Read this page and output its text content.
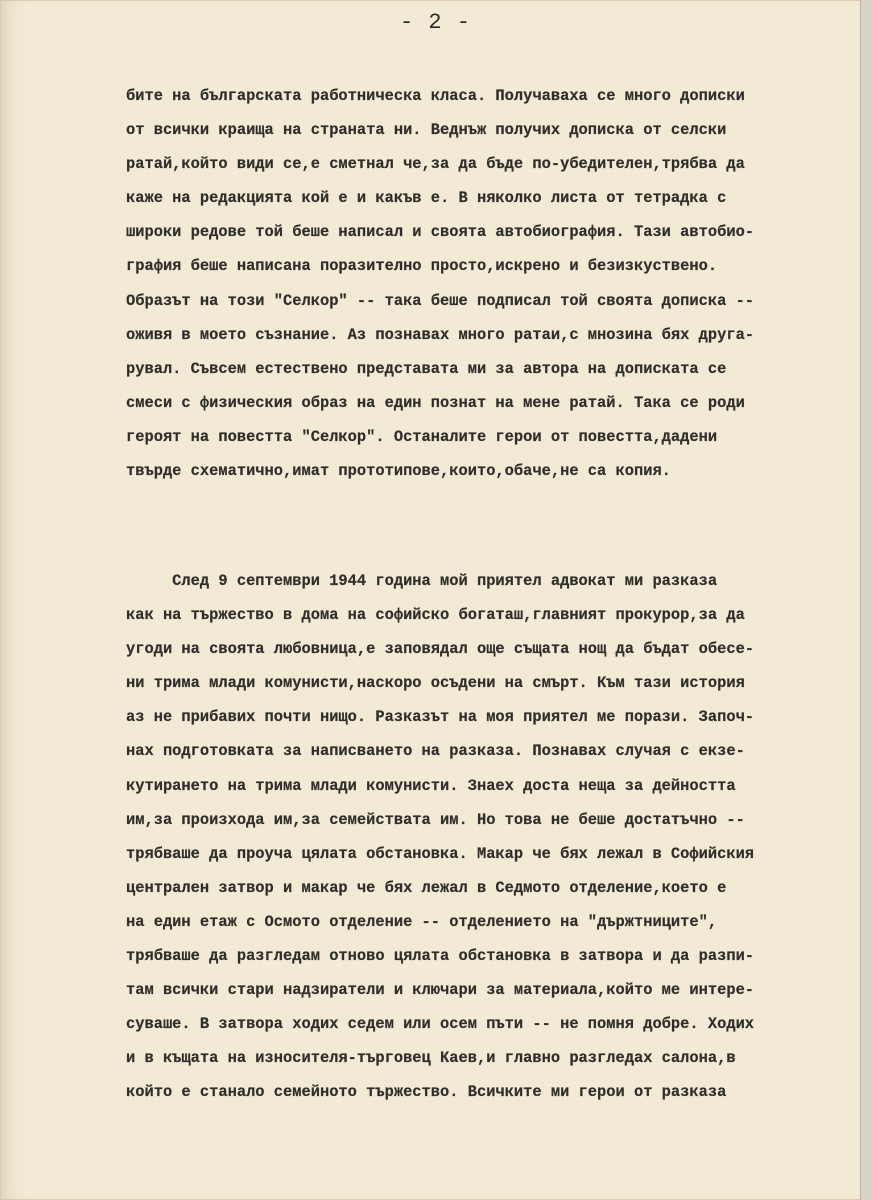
- 2 -
бите на българската работническа класа. Получаваха се много дописки
от всички краища на страната ни. Веднъж получих дописка от селски
ратай,който види се,е сметнал че,за да бъде по-убедителен,трябва да
каже на редакцията кой е и какъв е. В няколко листа от тетрадка с
широки редове той беше написал и своята автобиография. Тази автобио-
графия беше написана поразително просто,искрено и безизкуствено.
Образът на този "Селкор" -- така беше подписал той своята дописка --
оживя в моето съзнание. Аз познавах много ратаи,с мнозина бях друга-
рувал. Съвсем естествено представата ми за автора на дописката се
смеси с физическия образ на един познат на мене ратай. Така се роди
героят на повестта "Селкор". Останалите герои от повестта,дадени
твърде схематично,имат прототипове,които,обаче,не са копия.
След 9 септември 1944 година мой приятел адвокат ми разказа
как на тържество в дома на софийско богаташ,главният прокурор,за да
угоди на своята любовница,е заповядал още същата нощ да бъдат обесе-
ни трима млади комунисти,наскоро осъдени на смърт. Към тази история
аз не прибавих почти нищо. Разказът на моя приятел ме порази. Започ-
нах подготовката за написването на разказа. Познавах случая с екзе-
кутирането на трима млади комунисти. Знаех доста неща за дейността
им,за произхода им,за семействата им. Но това не беше достатъчно --
трябваше да проуча цялата обстановка. Макар че бях лежал в Софийския
централен затвор и макар че бях лежал в Седмото отделение,което е
на един етаж с Осмото отделение -- отделението на "държтниците",
трябваше да разгледам отново цялата обстановка в затвора и да разпи-
там всички стари надзиратели и ключари за материала,който ме интере-
суваше. В затвора ходих седем или осем пъти -- не помня добре. Ходих
и в къщата на износителя-търговец Каев,и главно разгледах салона,в
който е станало семейното тържество. Всичките ми герои от разказа
